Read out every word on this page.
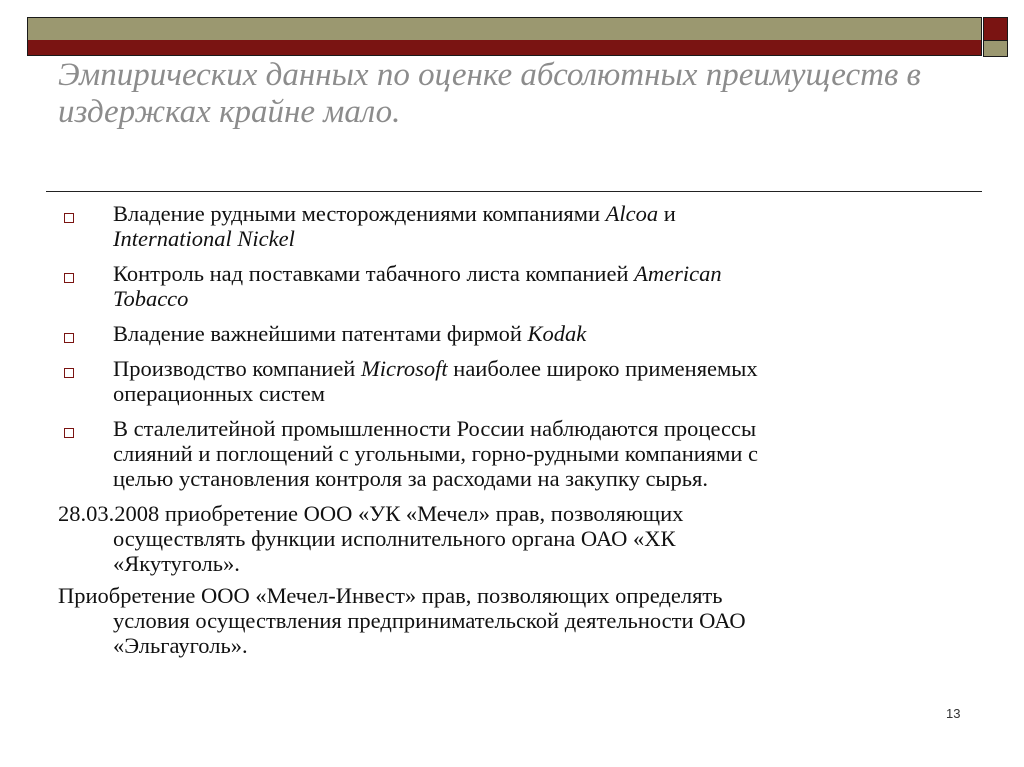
Эмпирических данных по оценке абсолютных преимуществ в
издержках крайне мало.
Владение рудными месторождениями компаниями Alcoa и
International Nickel
Контроль над поставками табачного листа компанией American
Tobacco
Владение важнейшими патентами фирмой Kodak
Производство компанией Microsoft наиболее широко применяемых
операционных систем
В сталелитейной промышленности России наблюдаются процессы
слияний и поглощений с угольными, горно-рудными компаниями с
целью установления контроля за расходами на закупку сырья.
28.03.2008 приобретение ООО «УК «Мечел» прав, позволяющих
осуществлять функции исполнительного органа ОАО «ХК
«Якутуголь».
Приобретение ООО «Мечел-Инвест» прав, позволяющих определять
условия осуществления предпринимательской деятельности ОАО
«Эльгауголь».
13
